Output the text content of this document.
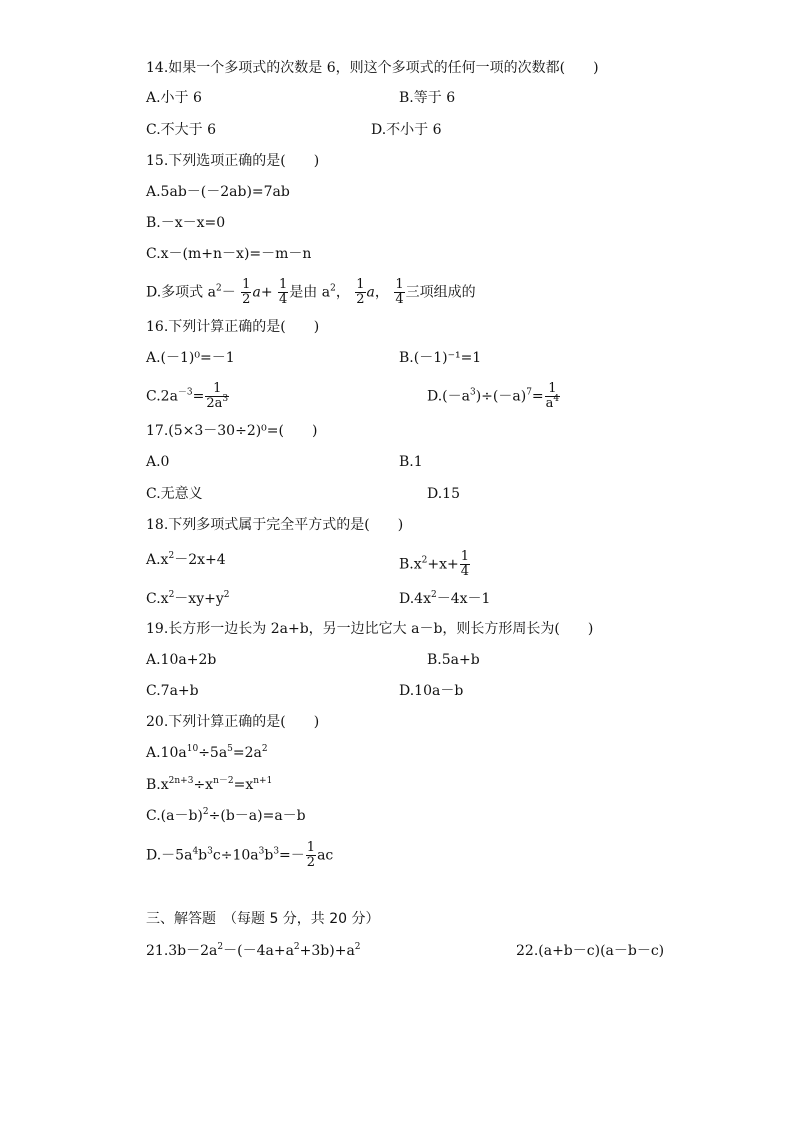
14.如果一个多项式的次数是 6，则这个多项式的任何一项的次数都(　　)
A.小于 6	B.等于 6
C.不大于 6	D.不小于 6
15.下列选项正确的是(　　)
A.5ab－(－2ab)=7ab
B.－x－x=0
C.x－(m+n－x)=－m－n
D.多项式 $a^2- \frac{1}{2} a+ \frac{1}{4}$ 是由 $a^2$， $\frac{1}{2}$ a， $\frac{1}{4}$ 三项组成的
16.下列计算正确的是(　　)
A.(－1)⁰=－1	B.(－1)⁻¹=1
$C.2a^{-3}= \frac{1}{2a^3}$	$D.(-a^3)\div(-a)^7= \frac{1}{a^4}$
17.(5×3－30÷2)⁰=(　　)
A.0	B.1
C.无意义	D.15
18.下列多项式属于完全平方式的是(　　)
$A.x^2-2x+4$	$B.x^2+x+ \frac{1}{4}$
$C.x^2-xy+y^2$	$D.4x^2-4x-1$
19.长方形一边长为 2a+b，另一边比它大 a－b，则长方形周长为(　　)
A.10a+2b	B.5a+b
C.7a+b	D.10a－b
20.下列计算正确的是(　　)
$A.10a^{10}\div 5a^5=2a^2$
$B.x^{2n+3}\div x^{n-2}=x^{n+1}$
$C.(a-b)^2\div(b-a)=a-b$
$D.-5a^4b^3c\div 10a^3b^3=- \frac{1}{2}$ ac
三、解答题　（每题 5 分，共 20 分）
$21.3b-2a^2-(-4a+a^2+3b)+a^2$	22.(a+b－c)(a－b－c)
